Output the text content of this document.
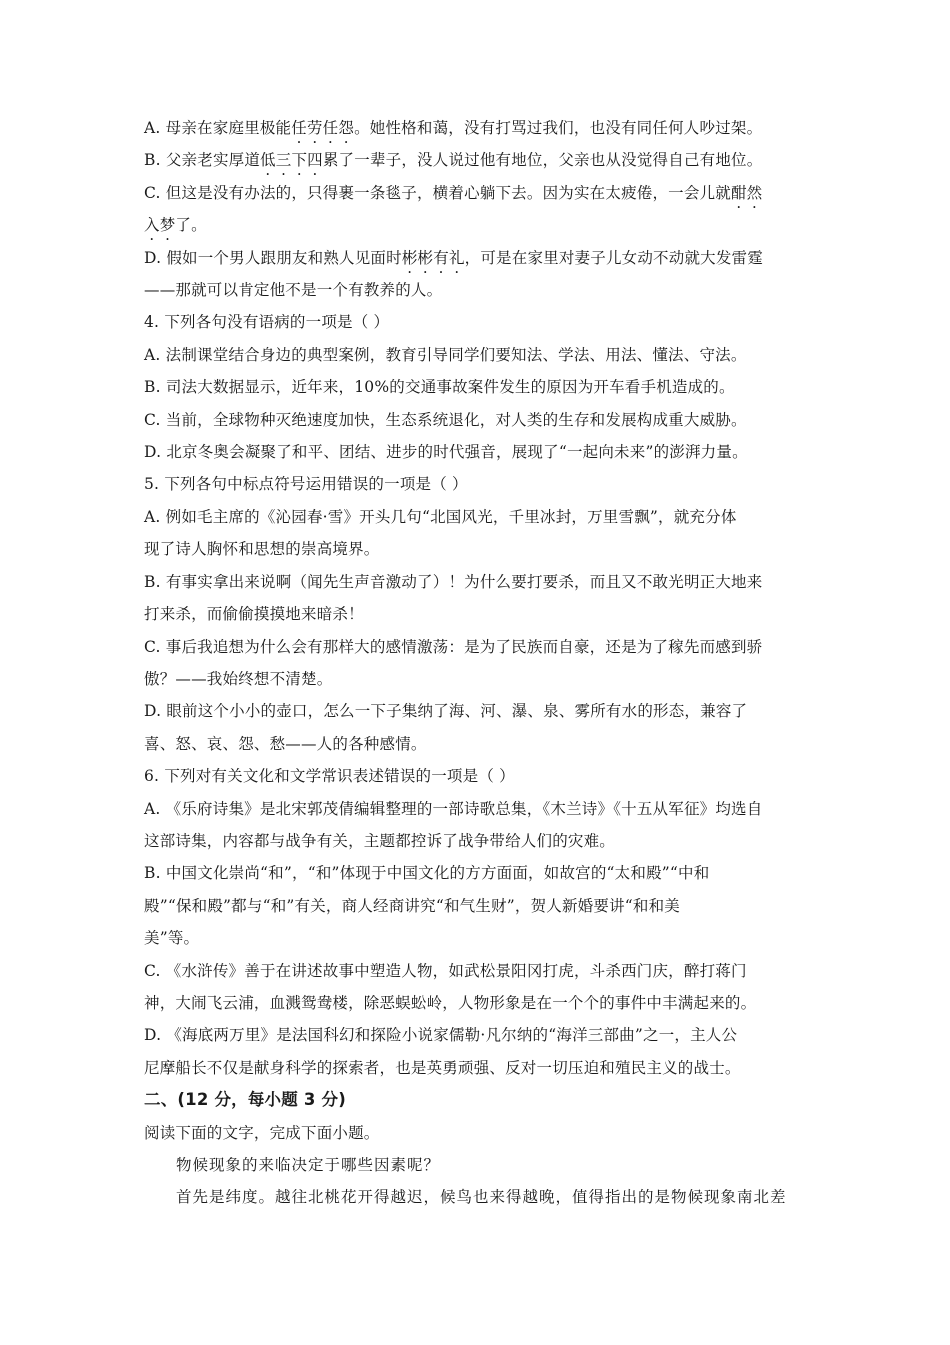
A. 母亲在家庭里极能任劳任怨。她性格和蔼，没有打骂过我们，也没有同任何人吵过架。
B. 父亲老实厚道低三下四累了一辈子，没人说过他有地位，父亲也从没觉得自己有地位。
C. 但这是没有办法的，只得裹一条毯子，横着心躺下去。因为实在太疲倦，一会儿就酣然
入梦了。
D. 假如一个男人跟朋友和熟人见面时彬彬有礼，可是在家里对妻子儿女动不动就大发雷霆
——那就可以肯定他不是一个有教养的人。
4. 下列各句没有语病的一项是（ ）
A. 法制课堂结合身边的典型案例，教育引导同学们要知法、学法、用法、懂法、守法。
B. 司法大数据显示，近年来，10%的交通事故案件发生的原因为开车看手机造成的。
C. 当前，全球物种灭绝速度加快，生态系统退化，对人类的生存和发展构成重大威胁。
D. 北京冬奥会凝聚了和平、团结、进步的时代强音，展现了“一起向未来”的澎湃力量。
5. 下列各句中标点符号运用错误的一项是（ ）
A. 例如毛主席的《沁园春·雪》开头几句“北国风光，千里冰封，万里雪飘”，就充分体
现了诗人胸怀和思想的崇高境界。
B. 有事实拿出来说啊（闻先生声音激动了）！为什么要打要杀，而且又不敢光明正大地来
打来杀，而偷偷摸摸地来暗杀！
C. 事后我追想为什么会有那样大的感情激荡：是为了民族而自豪，还是为了稼先而感到骄
傲？——我始终想不清楚。
D. 眼前这个小小的壶口，怎么一下子集纳了海、河、瀑、泉、雾所有水的形态，兼容了
喜、怒、哀、怨、愁——人的各种感情。
6. 下列对有关文化和文学常识表述错误的一项是（ ）
A. 《乐府诗集》是北宋郭茂倩编辑整理的一部诗歌总集，《木兰诗》《十五从军征》均选自
这部诗集，内容都与战争有关，主题都控诉了战争带给人们的灾难。
B. 中国文化崇尚“和”，“和”体现于中国文化的方方面面，如故宫的“太和殿”“中和
殿”“保和殿”都与“和”有关，商人经商讲究“和气生财”，贺人新婚要讲“和和美
美”等。
C. 《水浒传》善于在讲述故事中塑造人物，如武松景阳冈打虎，斗杀西门庆，醉打蒋门
神，大闹飞云浦，血溅鸳鸯楼，除恶蜈蚣岭，人物形象是在一个个的事件中丰满起来的。
D. 《海底两万里》是法国科幻和探险小说家儒勒·凡尔纳的“海洋三部曲”之一，主人公
尼摩船长不仅是献身科学的探索者，也是英勇顽强、反对一切压迫和殖民主义的战士。
二、(12 分，每小题 3 分)
阅读下面的文字，完成下面小题。
物候现象的来临决定于哪些因素呢？
首先是纬度。越往北桃花开得越迟，候鸟也来得越晚，值得指出的是物候现象南北差
